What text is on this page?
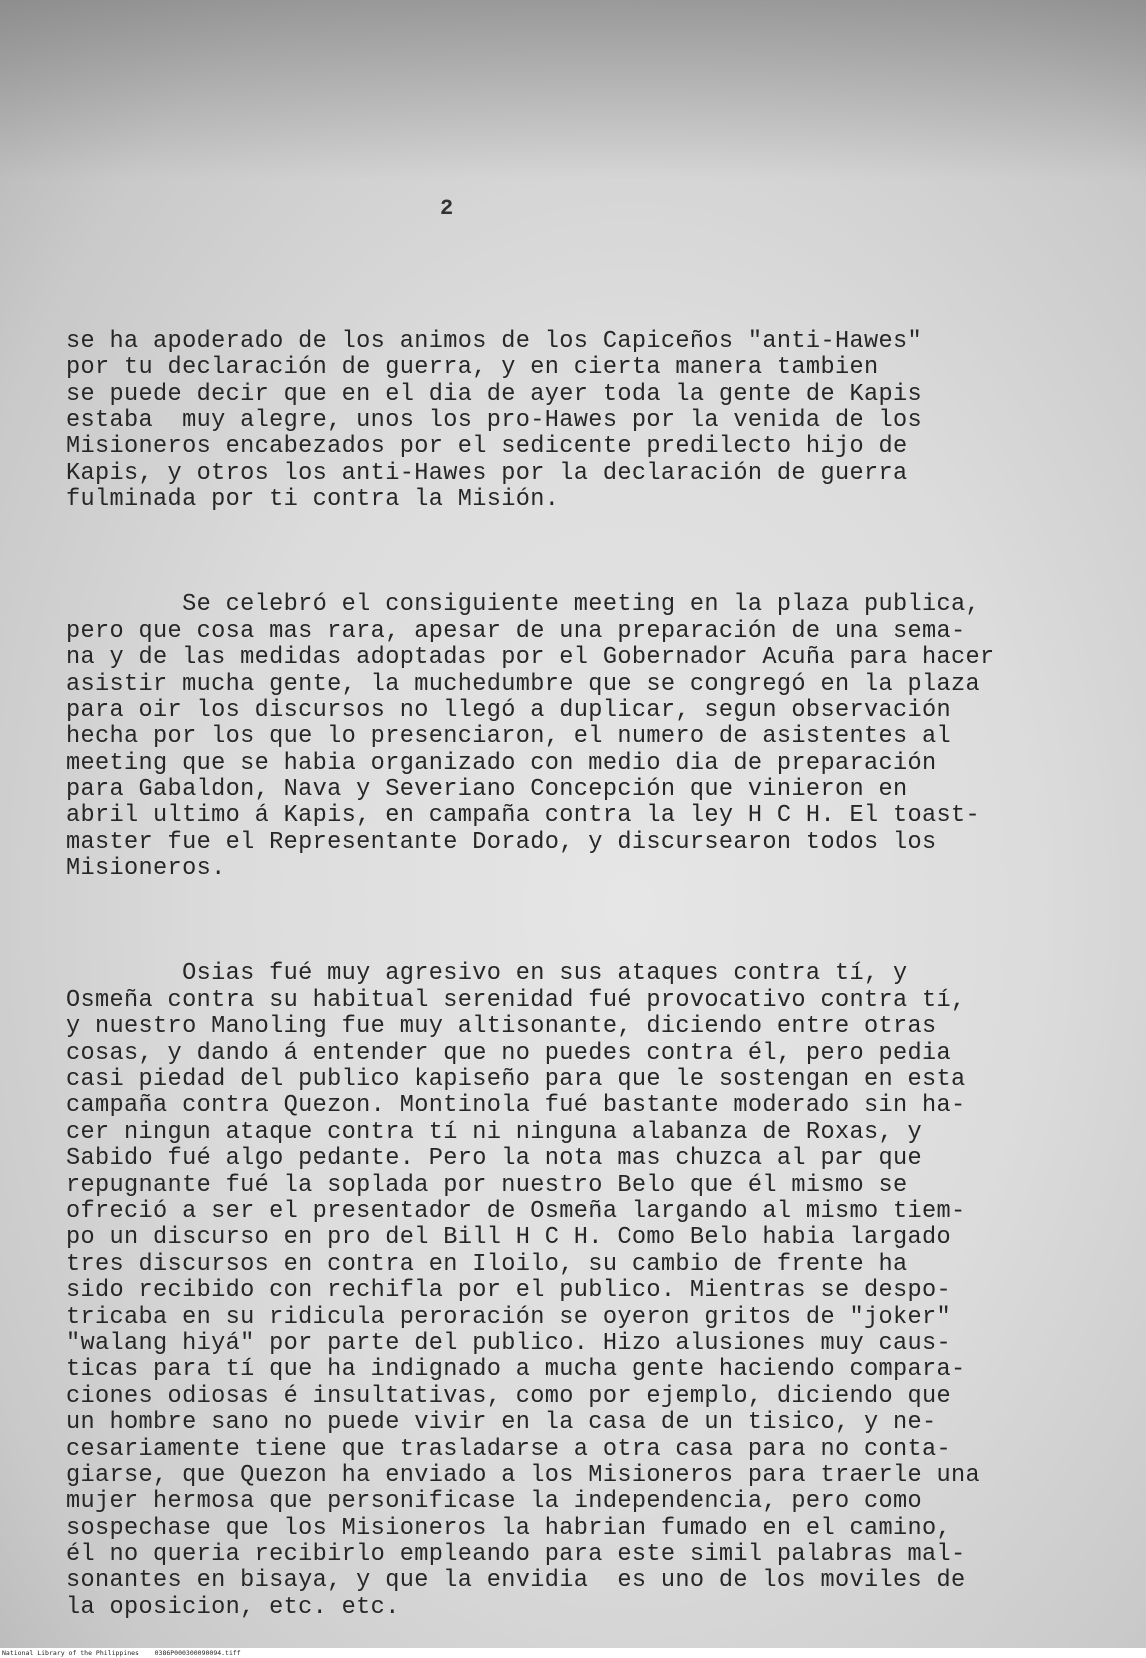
2

se ha apoderado de los animos de los Capiceños "anti-Hawes"
por tu declaración de guerra, y en cierta manera tambien
se puede decir que en el dia de ayer toda la gente de Kapis
estaba  muy alegre, unos los pro-Hawes por la venida de los
Misioneros encabezados por el sedicente predilecto hijo de
Kapis, y otros los anti-Hawes por la declaración de guerra
fulminada por ti contra la Misión.

Se celebró el consiguiente meeting en la plaza publica,
pero que cosa mas rara, apesar de una preparación de una sema-
na y de las medidas adoptadas por el Gobernador Acuña para hacer
asistir mucha gente, la muchedumbre que se congregó en la plaza
para oir los discursos no llegó a duplicar, segun observación
hecha por los que lo presenciaron, el numero de asistentes al
meeting que se habia organizado con medio dia de preparación
para Gabaldon, Nava y Severiano Concepción que vinieron en
abril ultimo á Kapis, en campaña contra la ley H C H. El toast-
master fue el Representante Dorado, y discursearon todos los
Misioneros.

Osias fué muy agresivo en sus ataques contra tí, y
Osmeña contra su habitual serenidad fué provocativo contra tí,
y nuestro Manoling fue muy altisonante, diciendo entre otras
cosas, y dando á entender que no puedes contra él, pero pedia
casi piedad del publico kapiseño para que le sostengan en esta
campaña contra Quezon. Montinola fué bastante moderado sin ha-
cer ningun ataque contra tí ni ninguna alabanza de Roxas, y
Sabido fué algo pedante. Pero la nota mas chuzca al par que
repugnante fué la soplada por nuestro Belo que él mismo se
ofreció a ser el presentador de Osmeña largando al mismo tiem-
po un discurso en pro del Bill H C H. Como Belo habia largado
tres discursos en contra en Iloilo, su cambio de frente ha
sido recibido con rechifla por el publico. Mientras se despo-
tricaba en su ridicula peroración se oyeron gritos de "joker"
"walang hiyá" por parte del publico. Hizo alusiones muy caus-
ticas para tí que ha indignado a mucha gente haciendo compara-
ciones odiosas é insultativas, como por ejemplo, diciendo que
un hombre sano no puede vivir en la casa de un tisico, y ne-
cesariamente tiene que trasladarse a otra casa para no conta-
giarse, que Quezon ha enviado a los Misioneros para traerle una
mujer hermosa que personificase la independencia, pero como
sospechase que los Misioneros la habrian fumado en el camino,
él no queria recibirlo empleando para este simil palabras mal-
sonantes en bisaya, y que la envidia  es uno de los moviles de
la oposicion, etc. etc.

National Library of the Philippines    0386P000300090094.tiff
